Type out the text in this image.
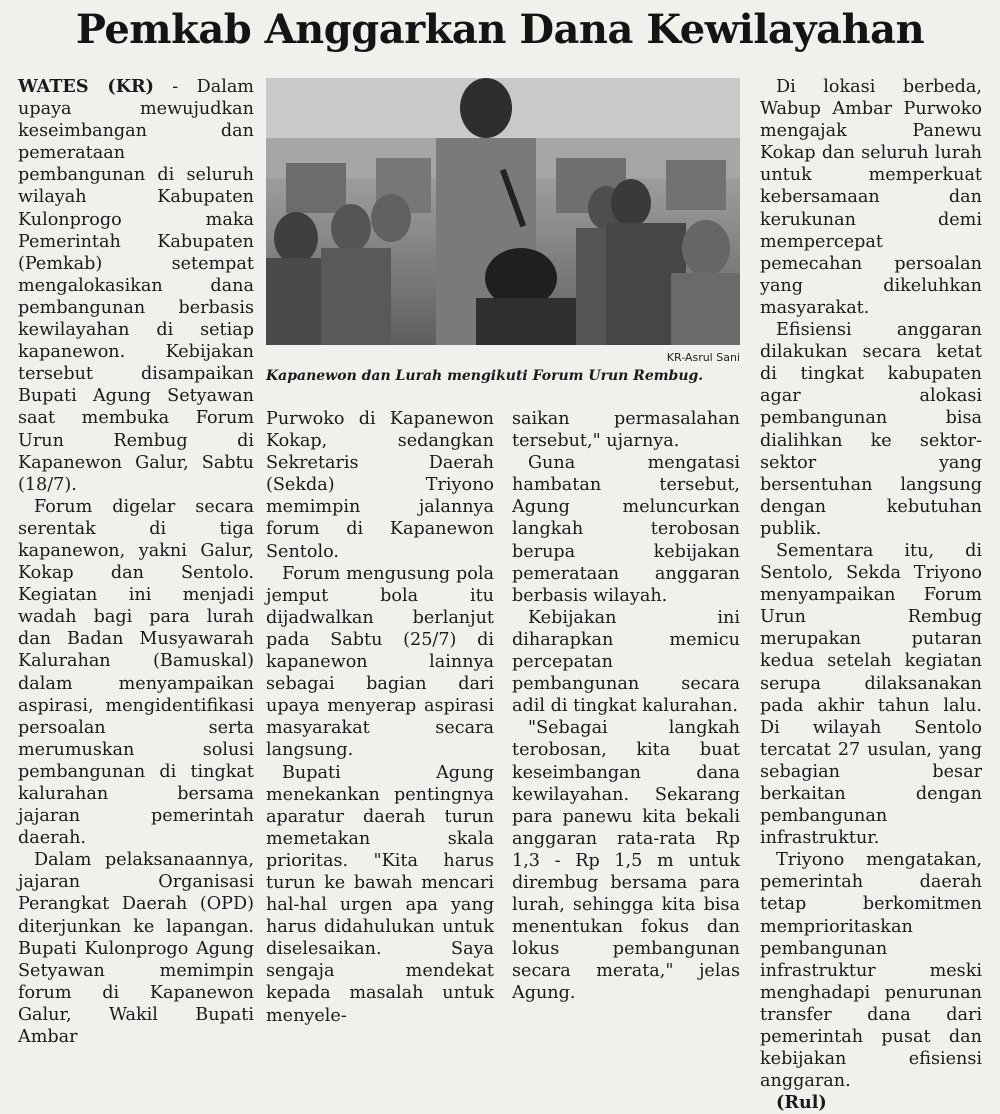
Pemkab Anggarkan Dana Kewilayahan

WATES (KR) - Dalam upaya mewujudkan keseimbangan dan pemerataan pembangunan di seluruh wilayah Kabupaten Kulonprogo maka Pemerintah Kabupaten (Pemkab) setempat mengalokasikan dana pembangunan berbasis kewilayahan di setiap kapanewon. Kebijakan tersebut disampaikan Bupati Agung Setyawan saat membuka Forum Urun Rembug di Kapanewon Galur, Sabtu (18/7).

Forum digelar secara serentak di tiga kapanewon, yakni Galur, Kokap dan Sentolo. Kegiatan ini menjadi wadah bagi para lurah dan Badan Musyawarah Kalurahan (Bamuskal) dalam menyampaikan aspirasi, mengidentifikasi persoalan serta merumuskan solusi pembangunan di tingkat kalurahan bersama jajaran pemerintah daerah.

Dalam pelaksanaannya, jajaran Organisasi Perangkat Daerah (OPD) diterjunkan ke lapangan. Bupati Kulonprogo Agung Setyawan memimpin forum di Kapanewon Galur, Wakil Bupati Ambar

KR-Asrul Sani
Kapanewon dan Lurah mengikuti Forum Urun Rembug.

Purwoko di Kapanewon Kokap, sedangkan Sekretaris Daerah (Sekda) Triyono memimpin jalannya forum di Kapanewon Sentolo.

Forum mengusung pola jemput bola itu dijadwalkan berlanjut pada Sabtu (25/7) di kapanewon lainnya sebagai bagian dari upaya menyerap aspirasi masyarakat secara langsung.

Bupati Agung menekankan pentingnya aparatur daerah turun memetakan skala prioritas. "Kita harus turun ke bawah mencari hal-hal urgen apa yang harus didahulukan untuk diselesaikan. Saya sengaja mendekat kepada masalah untuk menyele-

saikan permasalahan tersebut," ujarnya.

Guna mengatasi hambatan tersebut, Agung meluncurkan langkah terobosan berupa kebijakan pemerataan anggaran berbasis wilayah.

Kebijakan ini diharapkan memicu percepatan pembangunan secara adil di tingkat kalurahan.

"Sebagai langkah terobosan, kita buat keseimbangan dana kewilayahan. Sekarang para panewu kita bekali anggaran rata-rata Rp 1,3 - Rp 1,5 m untuk dirembug bersama para lurah, sehingga kita bisa menentukan fokus dan lokus pembangunan secara merata," jelas Agung.

Di lokasi berbeda, Wabup Ambar Purwoko mengajak Panewu Kokap dan seluruh lurah untuk memperkuat kebersamaan dan kerukunan demi mempercepat pemecahan persoalan yang dikeluhkan masyarakat.

Efisiensi anggaran dilakukan secara ketat di tingkat kabupaten agar alokasi pembangunan bisa dialihkan ke sektor-sektor yang bersentuhan langsung dengan kebutuhan publik.

Sementara itu, di Sentolo, Sekda Triyono menyampaikan Forum Urun Rembug merupakan putaran kedua setelah kegiatan serupa dilaksanakan pada akhir tahun lalu. Di wilayah Sentolo tercatat 27 usulan, yang sebagian besar berkaitan dengan pembangunan infrastruktur.

Triyono mengatakan, pemerintah daerah tetap berkomitmen memprioritaskan pembangunan infrastruktur meski menghadapi penurunan transfer dana dari pemerintah pusat dan kebijakan efisiensi anggaran.

(Rul)
